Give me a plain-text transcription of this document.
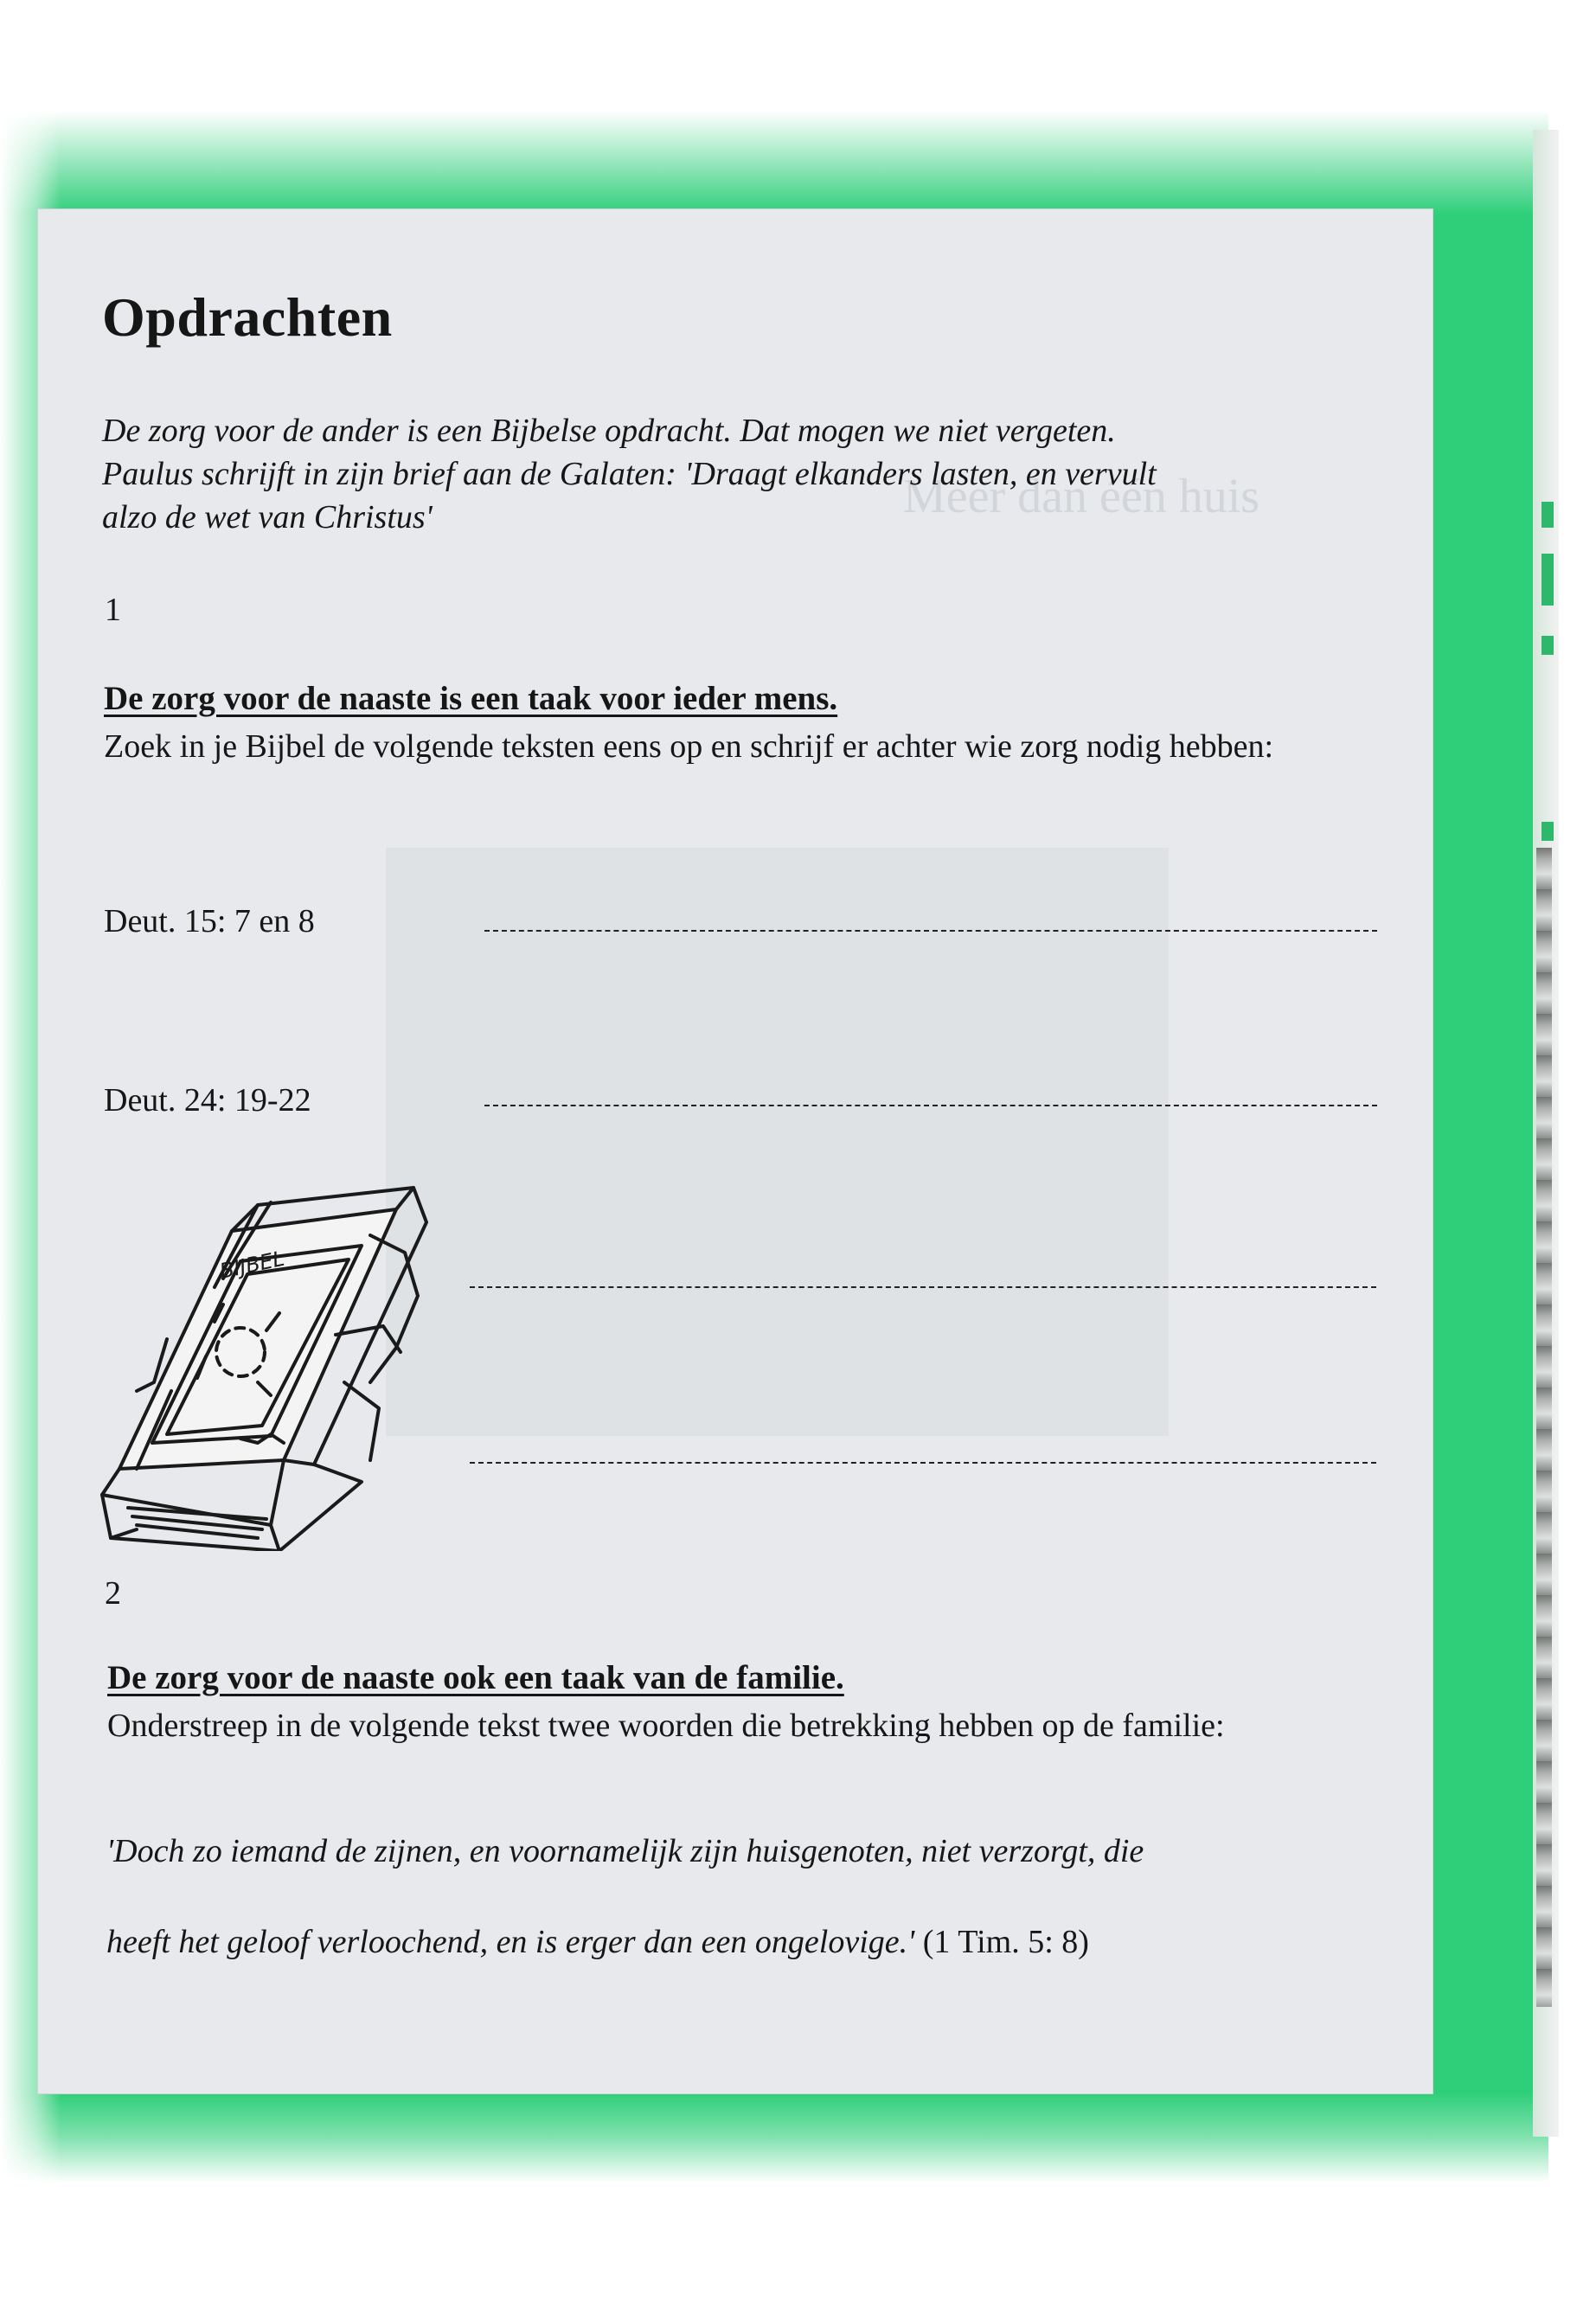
Meer dan één huis
Opdrachten

De zorg voor de ander is een Bijbelse opdracht. Dat mogen we niet vergeten.
Paulus schrijft in zijn brief aan de Galaten: 'Draagt elkanders lasten, en vervult
alzo de wet van Christus'

1

De zorg voor de naaste is een taak voor ieder mens.

Zoek in je Bijbel de volgende teksten eens op en schrijf er achter wie zorg nodig hebben:

Deut. 15: 7 en 8
Deut. 24: 19-22
BIJBEL

2

De zorg voor de naaste ook een taak van de familie.

Onderstreep in de volgende tekst twee woorden die betrekking hebben op de familie:

'Doch zo iemand de zijnen, en voornamelijk zijn huisgenoten, niet verzorgt, die

heeft het geloof verloochend, en is erger dan een ongelovige.' (1 Tim. 5: 8)
